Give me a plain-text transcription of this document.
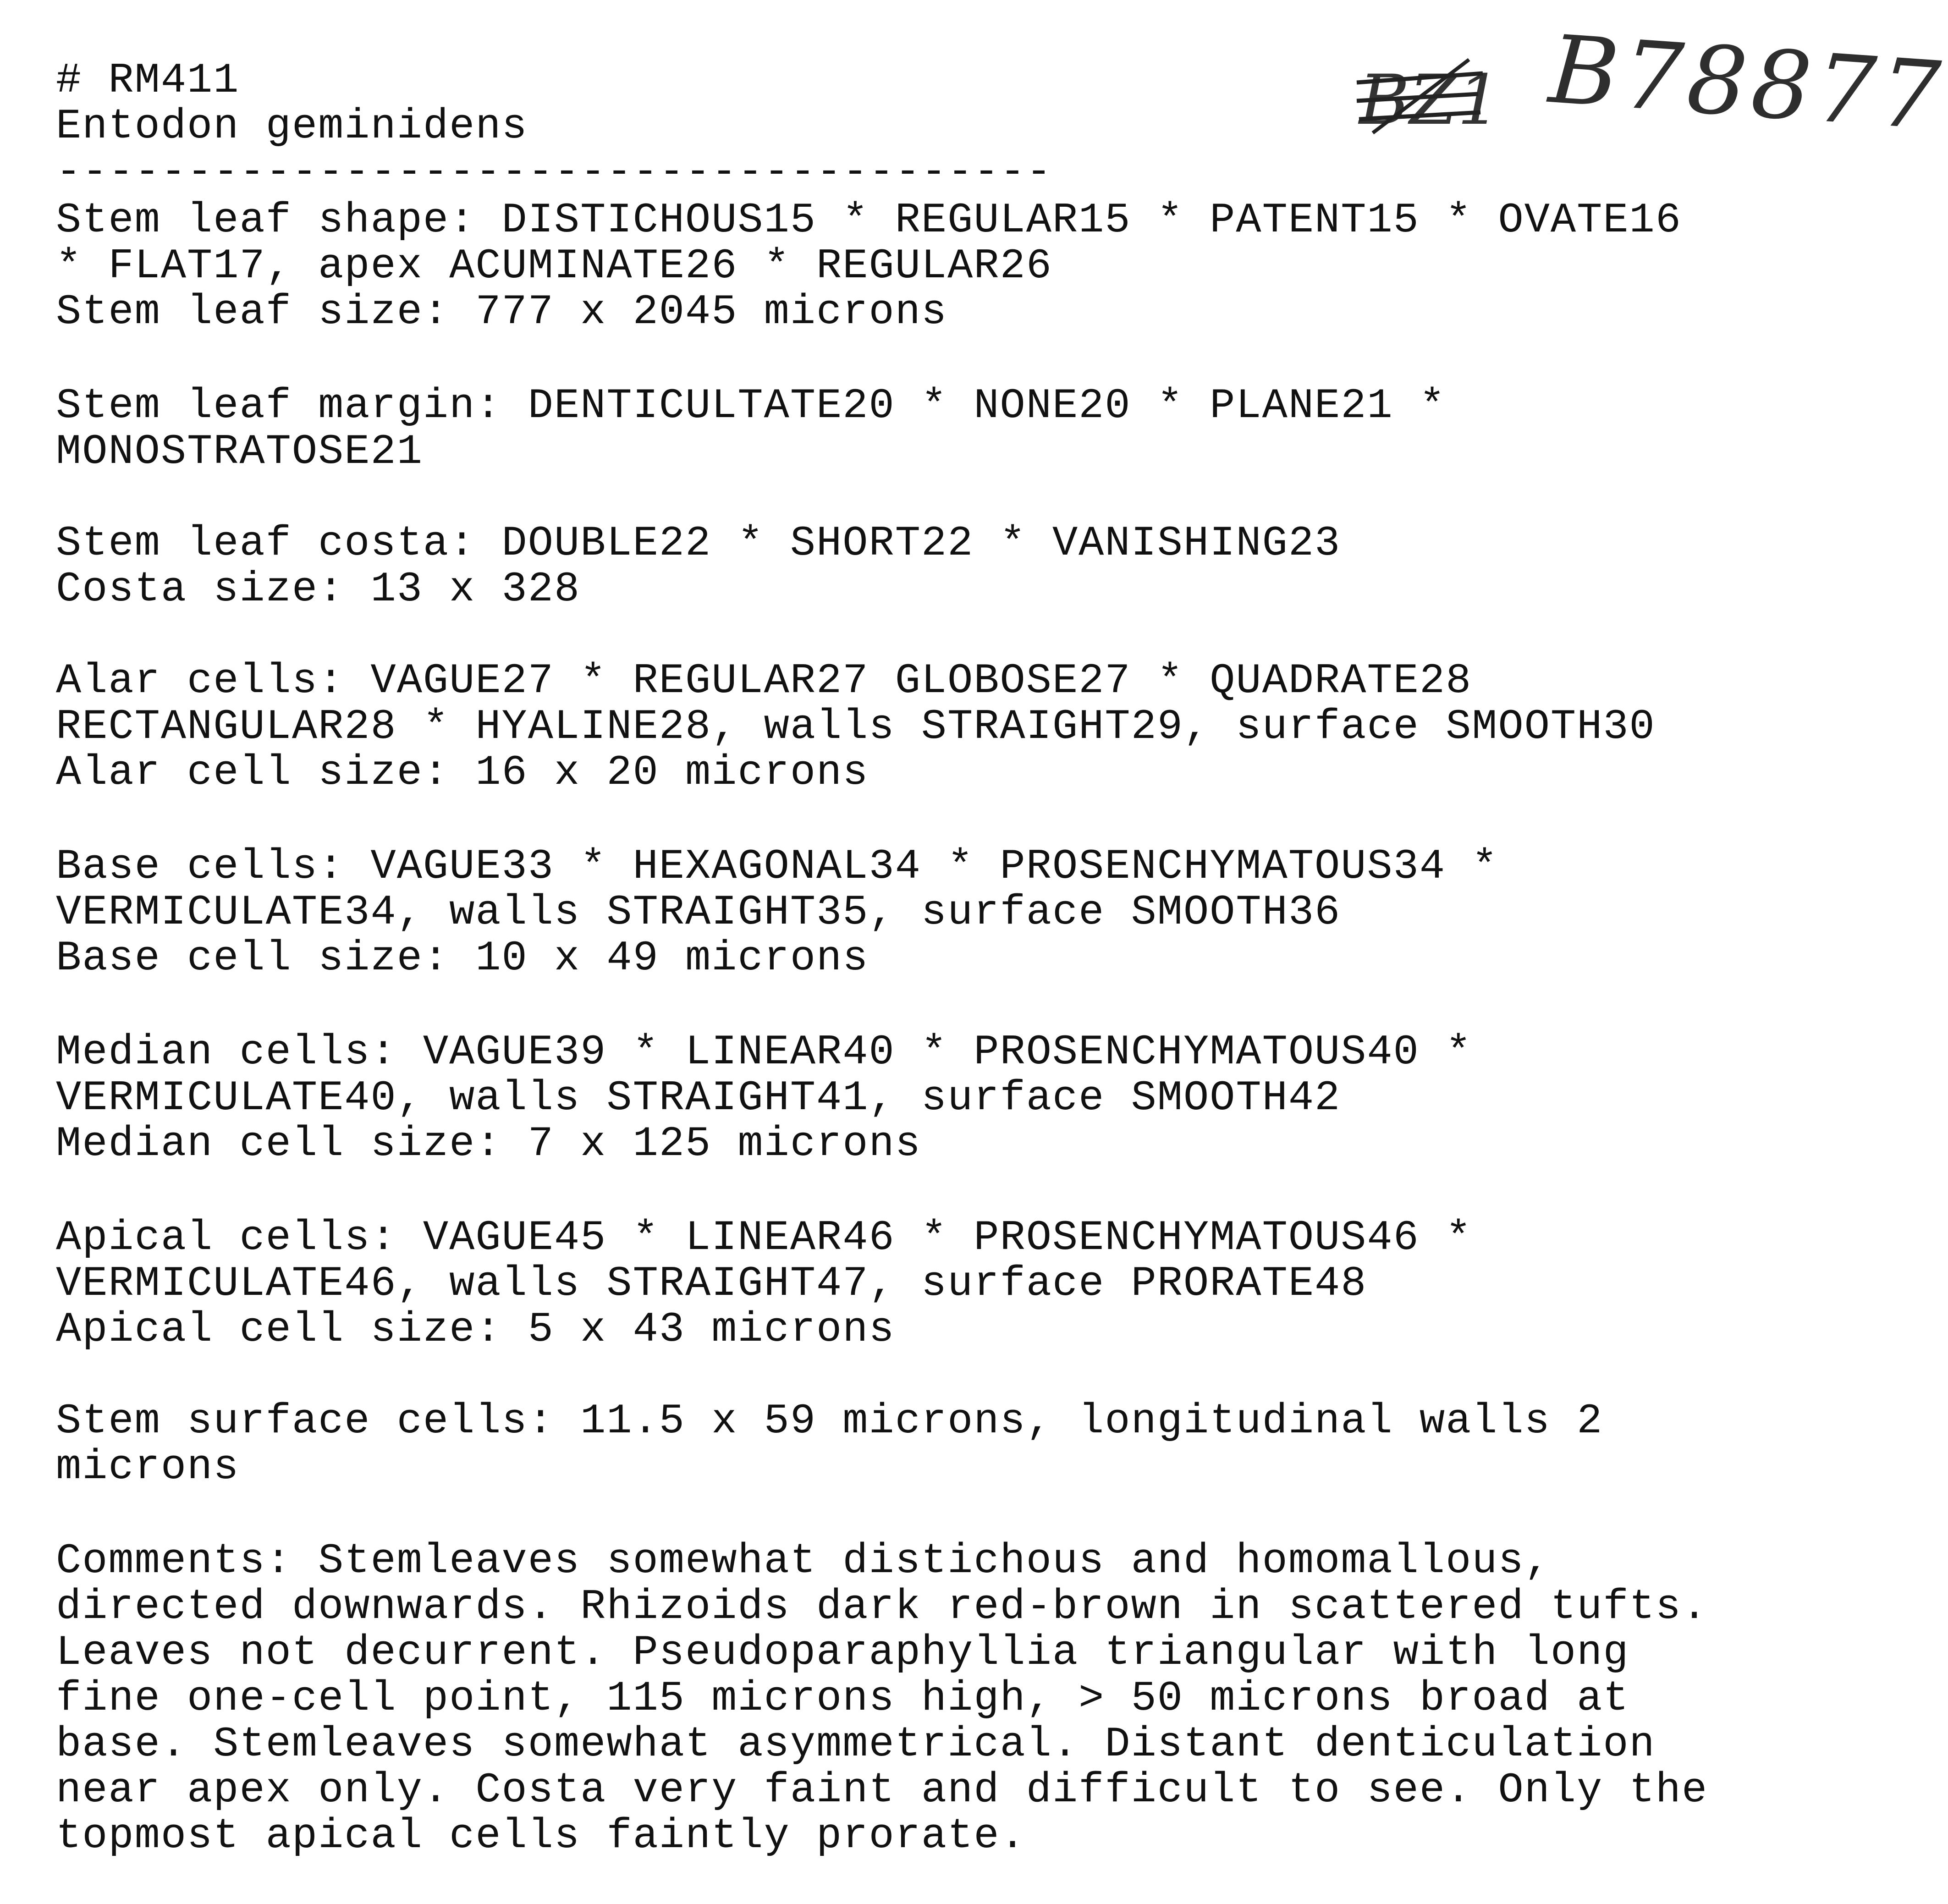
# RM411
Entodon geminidens
--------------------------------------
BZ1 B78877
Stem leaf shape: DISTICHOUS15 * REGULAR15 * PATENT15 * OVATE16
* FLAT17, apex ACUMINATE26 * REGULAR26
Stem leaf size: 777 x 2045 microns
Stem leaf margin: DENTICULTATE20 * NONE20 * PLANE21 *
MONOSTRATOSE21
Stem leaf costa: DOUBLE22 * SHORT22 * VANISHING23
Costa size: 13 x 328
Alar cells: VAGUE27 * REGULAR27 GLOBOSE27 * QUADRATE28
RECTANGULAR28 * HYALINE28, walls STRAIGHT29, surface SMOOTH30
Alar cell size: 16 x 20 microns
Base cells: VAGUE33 * HEXAGONAL34 * PROSENCHYMATOUS34 *
VERMICULATE34, walls STRAIGHT35, surface SMOOTH36
Base cell size: 10 x 49 microns
Median cells: VAGUE39 * LINEAR40 * PROSENCHYMATOUS40 *
VERMICULATE40, walls STRAIGHT41, surface SMOOTH42
Median cell size: 7 x 125 microns
Apical cells: VAGUE45 * LINEAR46 * PROSENCHYMATOUS46 *
VERMICULATE46, walls STRAIGHT47, surface PRORATE48
Apical cell size: 5 x 43 microns
Stem surface cells: 11.5 x 59 microns, longitudinal walls 2
microns
Comments: Stemleaves somewhat distichous and homomallous,
directed downwards. Rhizoids dark red-brown in scattered tufts.
Leaves not decurrent. Pseudoparaphyllia triangular with long
fine one-cell point, 115 microns high, > 50 microns broad at
base. Stemleaves somewhat asymmetrical. Distant denticulation
near apex only. Costa very faint and difficult to see. Only the
topmost apical cells faintly prorate.
